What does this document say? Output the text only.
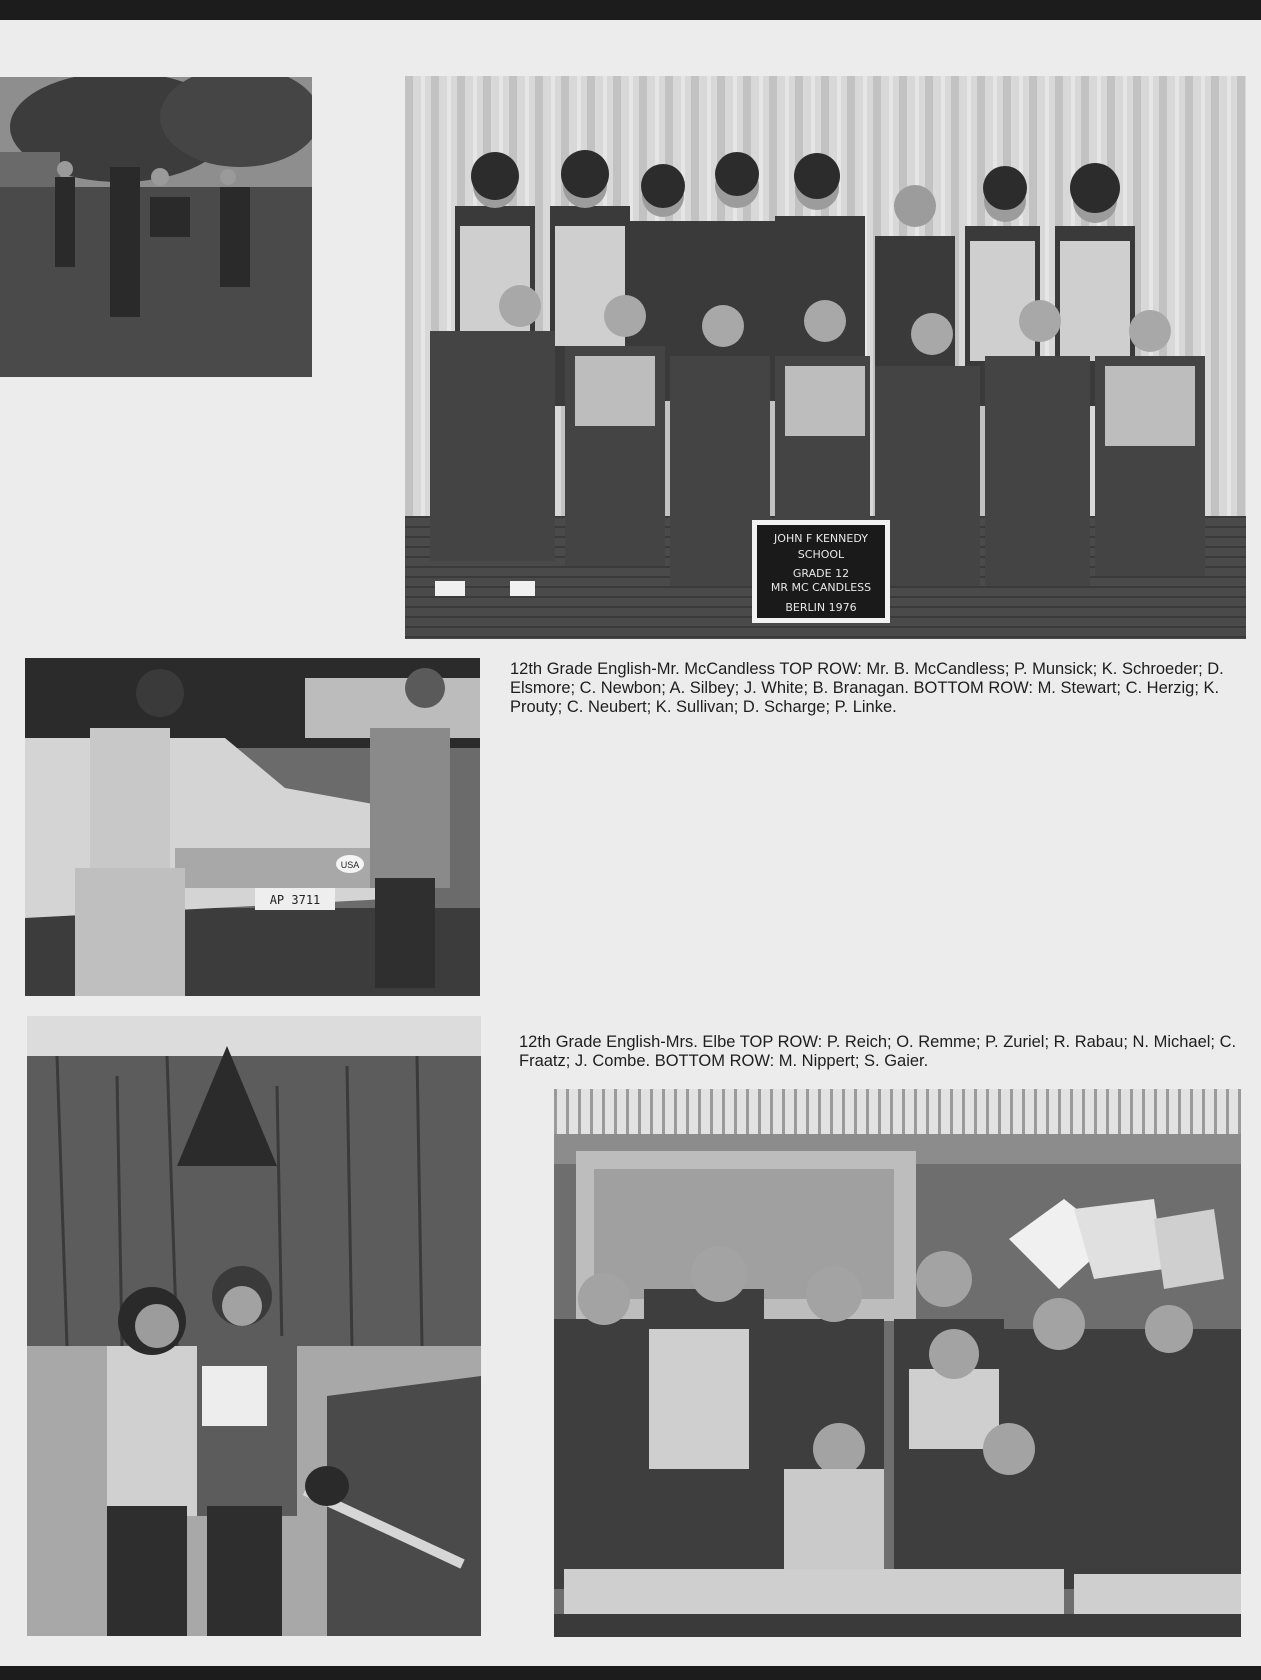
JOHN F KENNEDY
SCHOOL
GRADE 12
MR MC CANDLESS
BERLIN 1976
AP 3711
USA

12th Grade English-Mr. McCandless TOP ROW: Mr. B. McCandless; P. Munsick; K. Schroeder; D. Elsmore; C. Newbon; A. Silbey; J. White; B. Branagan. BOTTOM ROW: M. Stewart; C. Herzig; K. Prouty; C. Neubert; K. Sullivan; D. Scharge; P. Linke.

12th Grade English-Mrs. Elbe TOP ROW: P. Reich; O. Remme; P. Zuriel; R. Rabau; N. Michael; C. Fraatz; J. Combe. BOTTOM ROW: M. Nippert; S. Gaier.
